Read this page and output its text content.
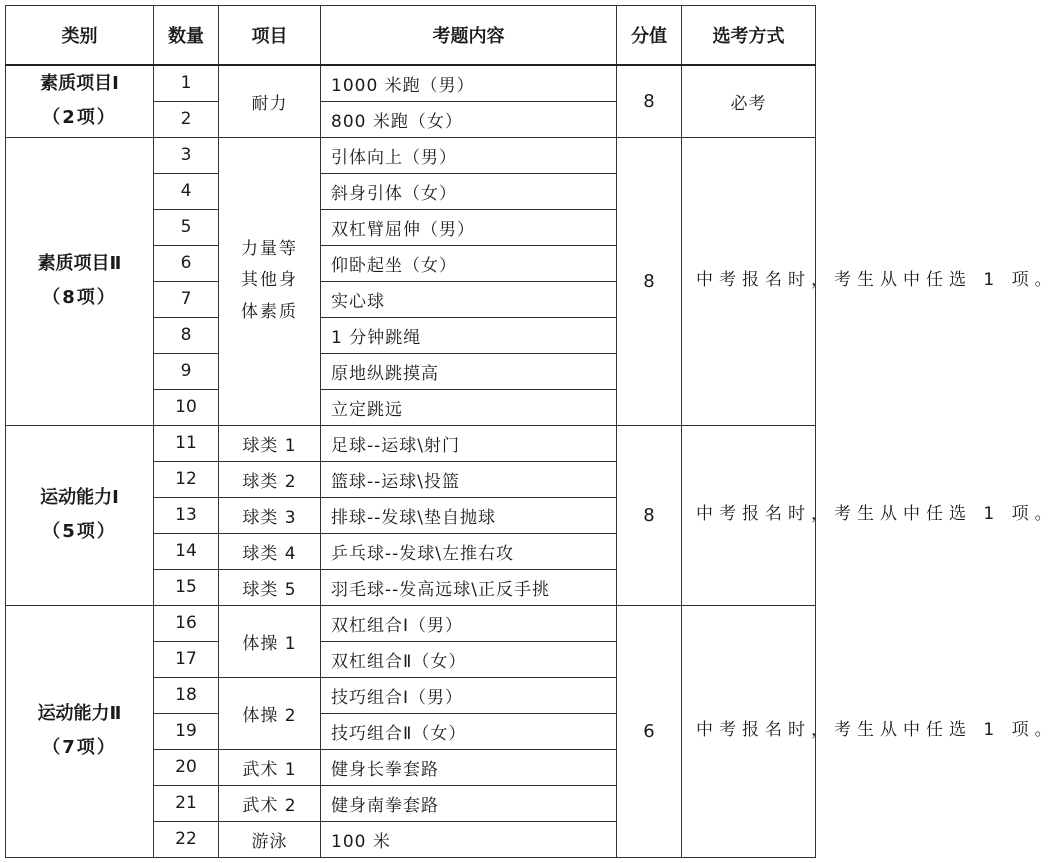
类别	数量	项目	考题内容	分值	选考方式
素质项目Ⅰ
（2项）	1	耐力	1000 米跑（男）	8	必考
	2		800 米跑（女）		
素质项目Ⅱ
（8项）	3	力量等
其他身
体素质	引体向上（男）	8	中考报名时，考生从中任选 1 项。
	4		斜身引体（女）		
	5		双杠臂屈伸（男）		
	6		仰卧起坐（女）		
	7		实心球		
	8		1 分钟跳绳		
	9		原地纵跳摸高		
	10		立定跳远		
运动能力Ⅰ
（5项）	11	球类 1	足球--运球\射门	8	中考报名时，考生从中任选 1 项。
	12	球类 2	篮球--运球\投篮		
	13	球类 3	排球--发球\垫自抛球		
	14	球类 4	乒乓球--发球\左推右攻		
	15	球类 5	羽毛球--发高远球\正反手挑		
运动能力Ⅱ
（7项）	16	体操 1	双杠组合Ⅰ（男）	6	中考报名时，考生从中任选 1 项。
	17		双杠组合Ⅱ（女）		
	18	体操 2	技巧组合Ⅰ（男）		
	19		技巧组合Ⅱ（女）		
	20	武术 1	健身长拳套路		
	21	武术 2	健身南拳套路		
	22	游泳	100 米		
